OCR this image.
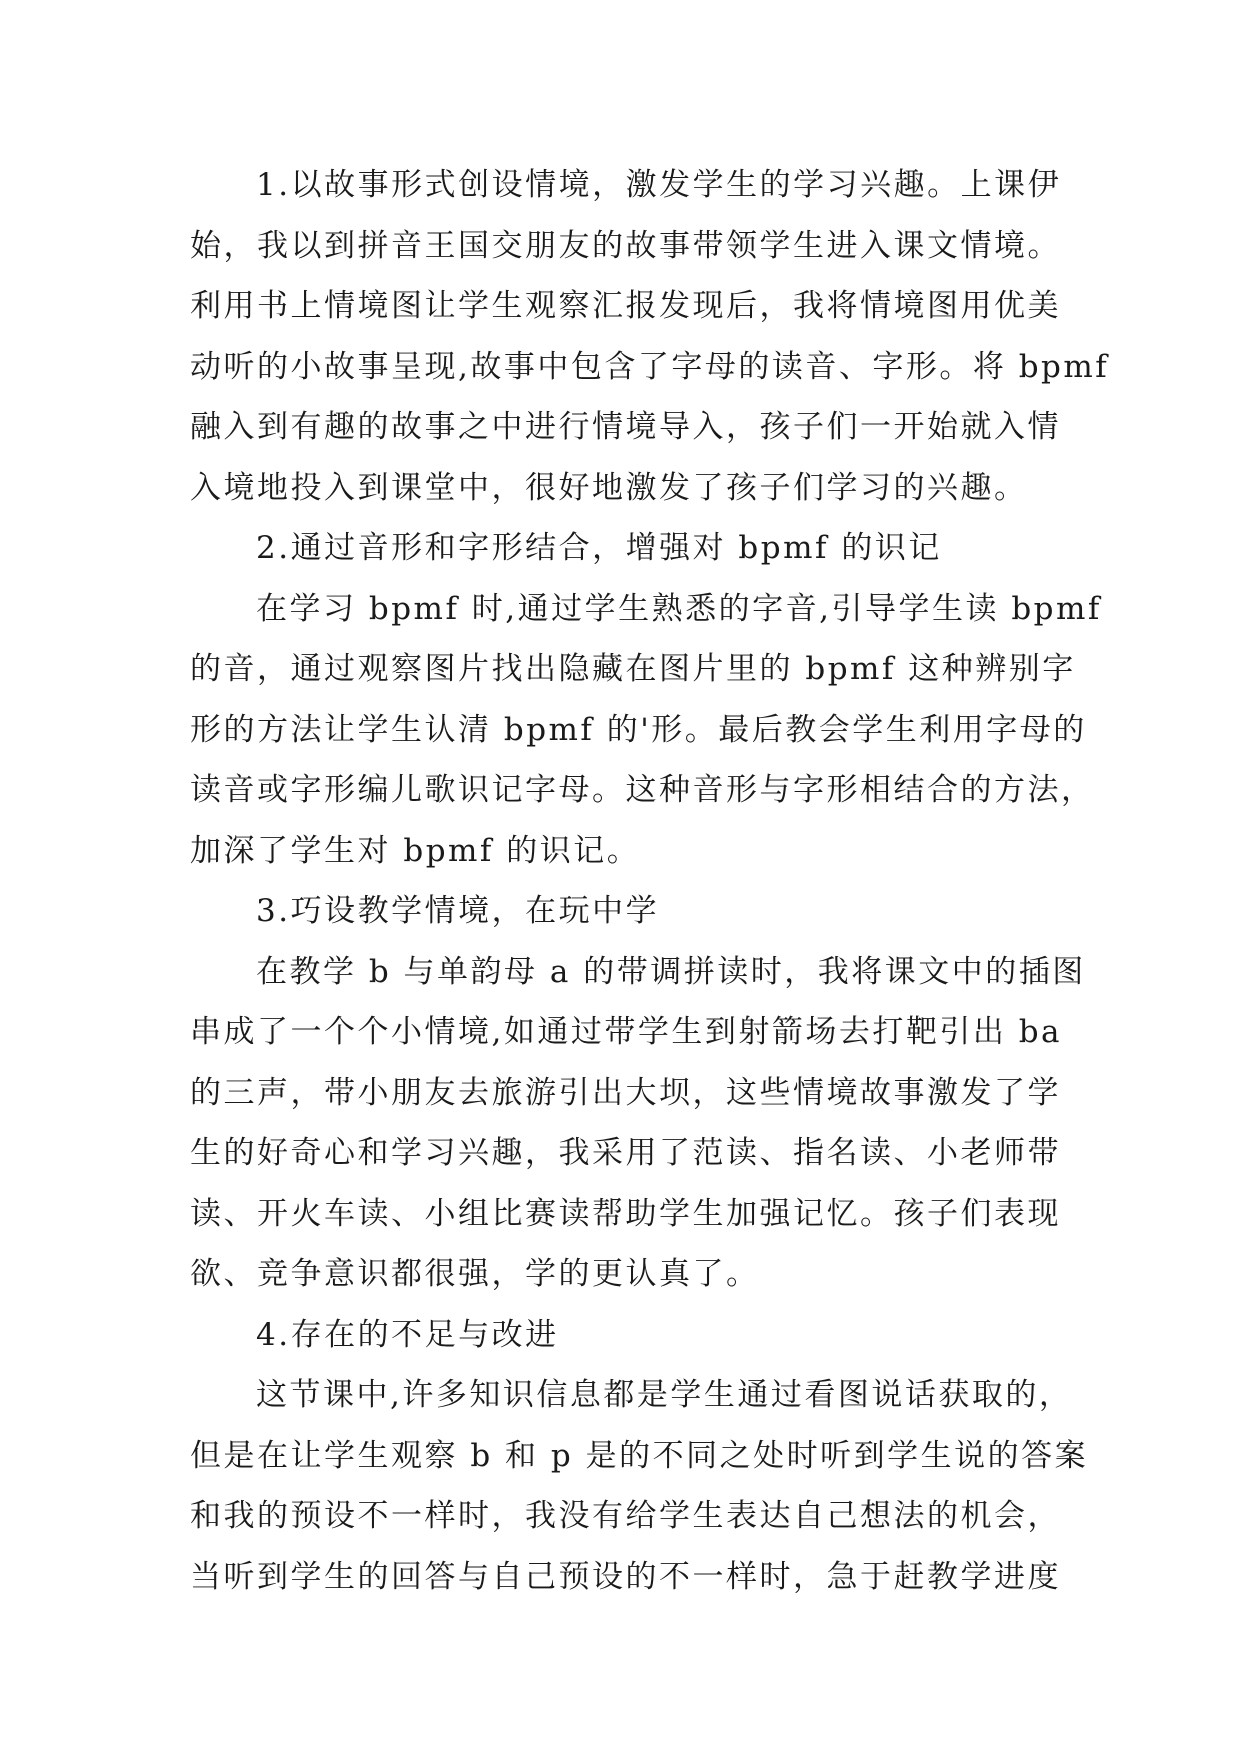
1.以故事形式创设情境，激发学生的学习兴趣。上课伊
始，我以到拼音王国交朋友的故事带领学生进入课文情境。
利用书上情境图让学生观察汇报发现后，我将情境图用优美
动听的小故事呈现,故事中包含了字母的读音、字形。将 bpmf
融入到有趣的故事之中进行情境导入，孩子们一开始就入情
入境地投入到课堂中，很好地激发了孩子们学习的兴趣。
2.通过音形和字形结合，增强对 bpmf 的识记
在学习 bpmf 时,通过学生熟悉的字音,引导学生读 bpmf
的音，通过观察图片找出隐藏在图片里的 bpmf 这种辨别字
形的方法让学生认清 bpmf 的'形。最后教会学生利用字母的
读音或字形编儿歌识记字母。这种音形与字形相结合的方法，
加深了学生对 bpmf 的识记。
3.巧设教学情境，在玩中学
在教学 b 与单韵母 a 的带调拼读时，我将课文中的插图
串成了一个个小情境,如通过带学生到射箭场去打靶引出 ba
的三声，带小朋友去旅游引出大坝，这些情境故事激发了学
生的好奇心和学习兴趣，我采用了范读、指名读、小老师带
读、开火车读、小组比赛读帮助学生加强记忆。孩子们表现
欲、竞争意识都很强，学的更认真了。
4.存在的不足与改进
这节课中,许多知识信息都是学生通过看图说话获取的，
但是在让学生观察 b 和 p 是的不同之处时听到学生说的答案
和我的预设不一样时，我没有给学生表达自己想法的机会，
当听到学生的回答与自己预设的不一样时，急于赶教学进度
